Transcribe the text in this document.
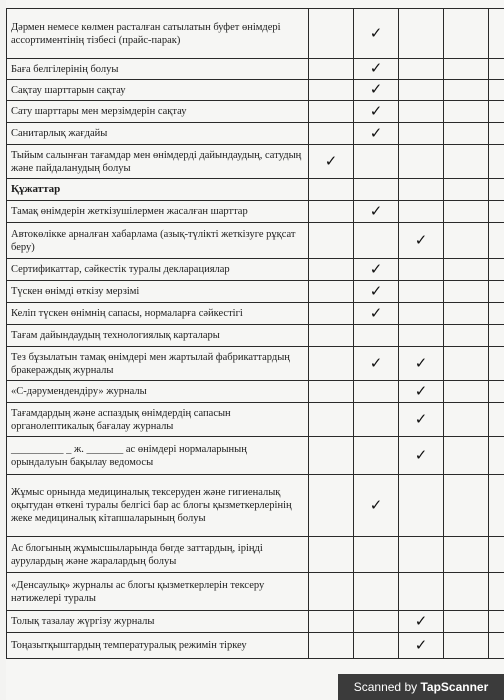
Дәрмен немесе көлмен расталған сатылатын буфет өнімдері ассортиментінің тізбесі (прайс-парак)		✓			
Баға белгілерінің болуы		✓			
Сақтау шарттарын сақтау		✓			
Сату шарттары мен мерзімдерін сақтау		✓			
Санитарлық жағдайы		✓			
Тыйым салынған тағамдар мен өнімдерді дайындаудың, сатудың және пайдаланудың болуы	✓				
Құжаттар					
Тамақ өнімдерін жеткізушілермен жасалған шарттар		✓			
Автокөлікке арналған хабарлама (азық-түлікті жеткізуге рұқсат беру)			✓		
Сертификаттар, сәйкестік туралы декларациялар		✓			
Түскен өнімді өткізу мерзімі		✓			
Келіп түскен өнімнің сапасы, нормаларға сәйкестігі		✓			
Тағам дайындаудың технологиялық карталары					
Тез бұзылатын тамақ өнімдері мен жартылай фабрикаттардың бракераждық журналы		✓	✓		
«С-дәрумендендіру» журналы			✓		
Тағамдардың және аспаздық өнімдердің сапасын органолептикалық бағалау журналы			✓		
__________ _ ж. _______ ас өнімдері нормаларының орындалуын бақылау ведомосы			✓		
Жұмыс орнында медициналық тексеруден және гигиеналық оқытудан өткені туралы белгісі бар ас блогы қызметкерлерінің жеке медициналық кітапшаларының болуы		✓			
Ас блогының жұмысшыларында бөгде заттардың, іріңді аурулардың және жаралардың болуы					
«Денсаулық» журналы ас блогы қызметкерлерін тексеру нәтижелері туралы					
Толық тазалау жүргізу журналы			✓		
Тоңазытқыштардың температуралық режимін тіркеу			✓		
Scanned by TapScanner
